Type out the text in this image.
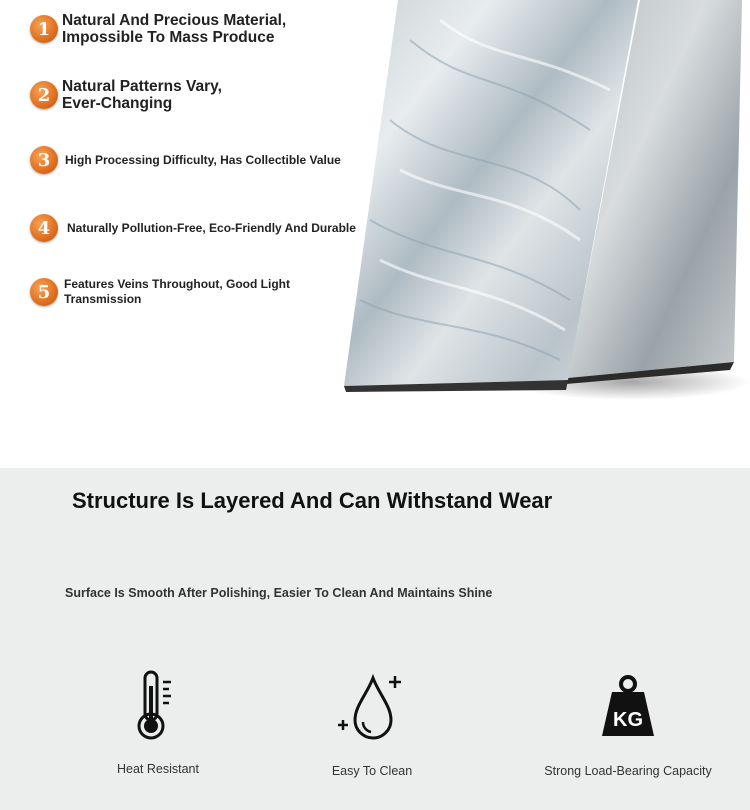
1 Natural And Precious Material, Impossible To Mass Produce
2 Natural Patterns Vary, Ever-Changing
3	High Processing Difficulty, Has Collectible Value
4	Naturally Pollution-Free, Eco-Friendly And Durable
5	Features Veins Throughout, Good Light Transmission
Structure Is Layered And Can Withstand Wear
Surface Is Smooth After Polishing, Easier To Clean And Maintains Shine
Heat Resistant	Easy To Clean
KG
Strong Load-Bearing Capacity
